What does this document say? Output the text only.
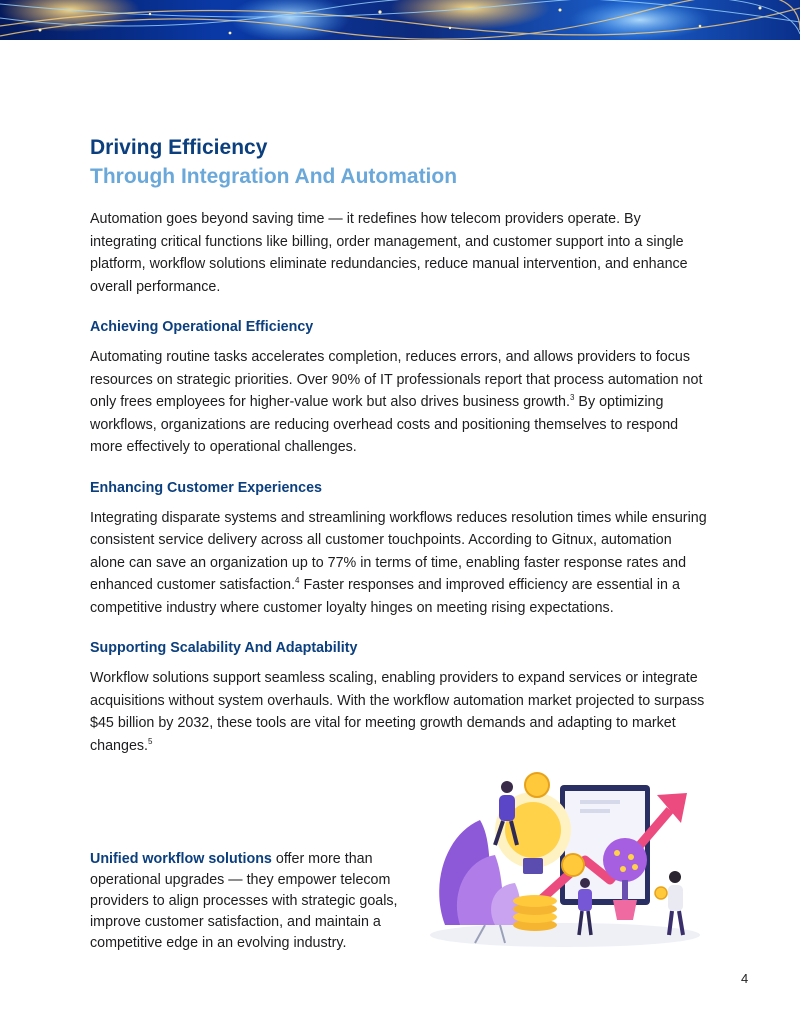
Driving Efficiency
Through Integration And Automation

Automation goes beyond saving time — it redefines how telecom providers operate. By integrating critical functions like billing, order management, and customer support into a single platform, workflow solutions eliminate redundancies, reduce manual intervention, and enhance overall performance.

Achieving Operational Efficiency

Automating routine tasks accelerates completion, reduces errors, and allows providers to focus resources on strategic priorities. Over 90% of IT professionals report that process automation not only frees employees for higher-value work but also drives business growth.$^3$ By optimizing workflows, organizations are reducing overhead costs and positioning themselves to respond more effectively to operational challenges.

Enhancing Customer Experiences

Integrating disparate systems and streamlining workflows reduces resolution times while ensuring consistent service delivery across all customer touchpoints. According to Gitnux, automation alone can save an organization up to 77% in terms of time, enabling faster response rates and enhanced customer satisfaction.$^4$ Faster responses and improved efficiency are essential in a competitive industry where customer loyalty hinges on meeting rising expectations.

Supporting Scalability And Adaptability

Workflow solutions support seamless scaling, enabling providers to expand services or integrate acquisitions without system overhauls. With the workflow automation market projected to surpass $45 billion by 2032, these tools are vital for meeting growth demands and adapting to market changes.$^5$

Unified workflow solutions offer more than operational upgrades — they empower telecom providers to align processes with strategic goals, improve customer satisfaction, and maintain a competitive edge in an evolving industry.

4
